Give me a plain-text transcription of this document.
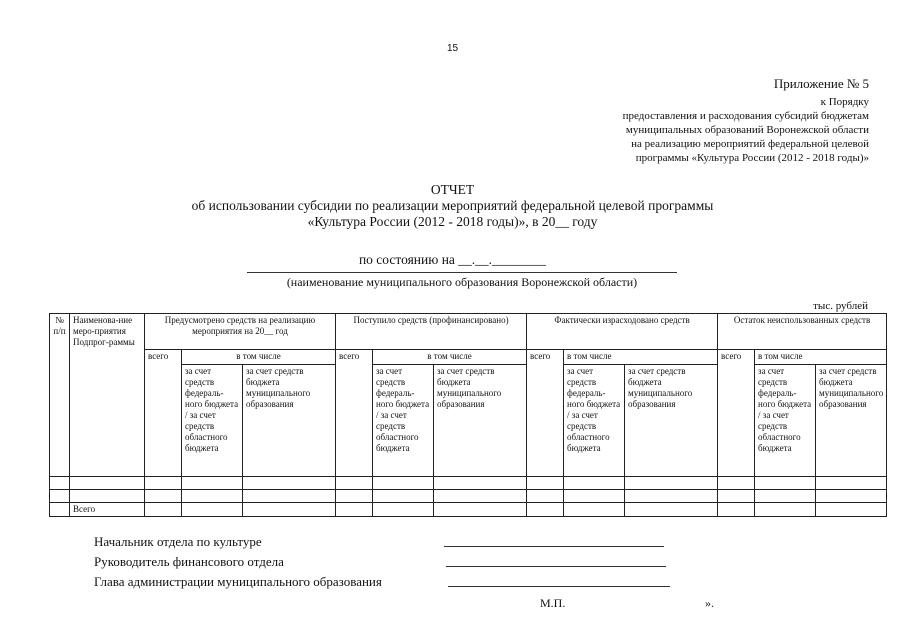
15
Приложение № 5
к Порядку
предоставления и расходования субсидий бюджетам
муниципальных образований Воронежской области
на реализацию мероприятий федеральной целевой
программы «Культура России (2012 - 2018 годы)»
ОТЧЕТ
об использовании субсидии по реализации мероприятий федеральной целевой программы
«Культура России (2012 - 2018 годы)», в 20__ году
по состоянию на __.__.________
(наименование муниципального образования Воронежской области)
тыс. рублей
№ п/п	Наименова-ние меро-приятия Подпрог-раммы	Предусмотрено средств на реализацию мероприятия на 20__ год			Поступило средств (профинансировано)			Фактически израсходовано средств			Остаток неиспользованных средств		
		всего	в том числе		всего	в том числе		всего	в том числе		всего	в том числе	
			за счет средств федераль-ного бюджета / за счет средств областного бюджета	за счет средств бюджета муниципального образования		за счет средств федераль-ного бюджета / за счет средств областного бюджета	за счет средств бюджета муниципального образования		за счет средств федераль-ного бюджета / за счет средств областного бюджета	за счет средств бюджета муниципального образования		за счет средств федераль-ного бюджета / за счет средств областного бюджета	за счет средств бюджета муниципального образования

	Всего												
Начальник отдела по культуре
Руководитель финансового отдела
Глава администрации муниципального образования
М.П.	».
